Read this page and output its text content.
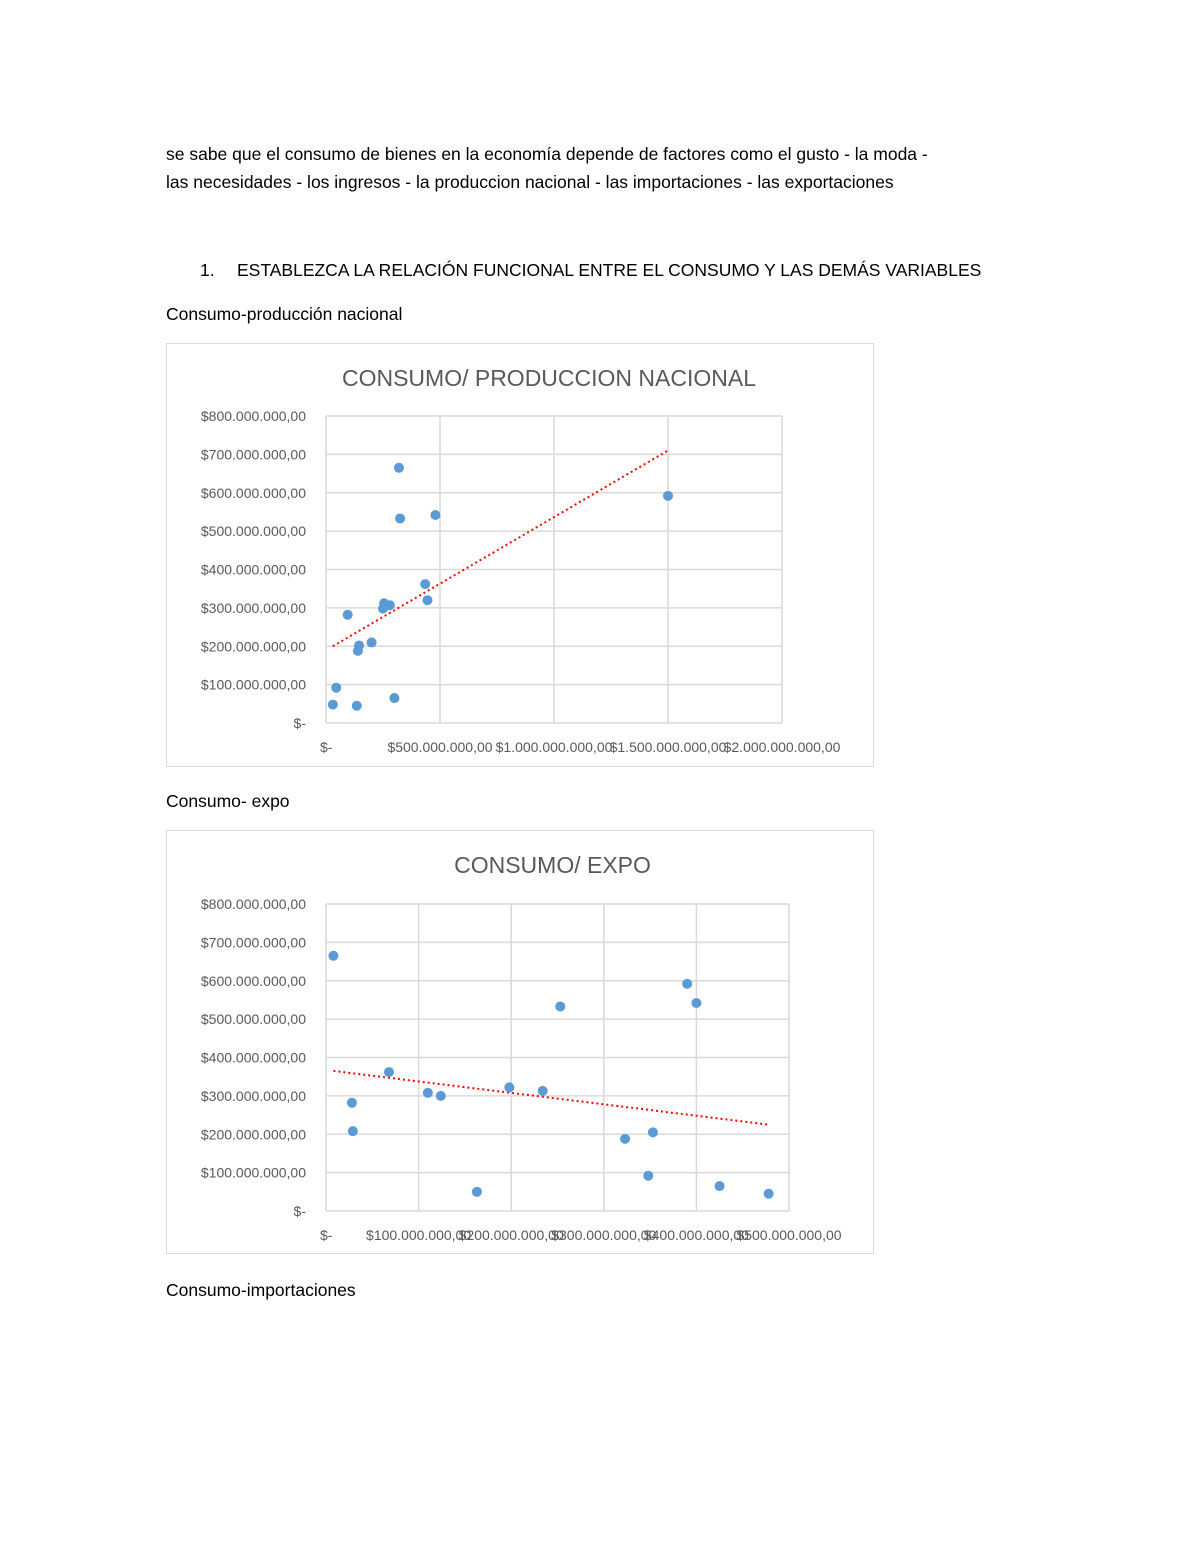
se sabe que el consumo de bienes en la economía depende de factores como el gusto - la moda -

las necesidades - los ingresos - la produccion nacional - las importaciones - las exportaciones

1. ESTABLEZCA LA RELACIÓN FUNCIONAL ENTRE EL CONSUMO Y LAS DEMÁS VARIABLES
Consumo-producción nacional
CONSUMO/ PRODUCCION NACIONAL
$-
$100.000.000,00
$200.000.000,00
$300.000.000,00
$400.000.000,00
$500.000.000,00
$600.000.000,00
$700.000.000,00
$800.000.000,00
$-	$500.000.000,00 $1.000.000.000,00
$1.500.000.000,00
$2.000.000.000,00
Consumo- expo
CONSUMO/ EXPO
$-
$100.000.000,00
$200.000.000,00
$300.000.000,00
$400.000.000,00
$500.000.000,00
$600.000.000,00
$700.000.000,00
$800.000.000,00
$- $100.000.000,00
$200.000.000,00
$300.000.000,00
$400.000.000,00
$500.000.000,00
Consumo-importaciones
